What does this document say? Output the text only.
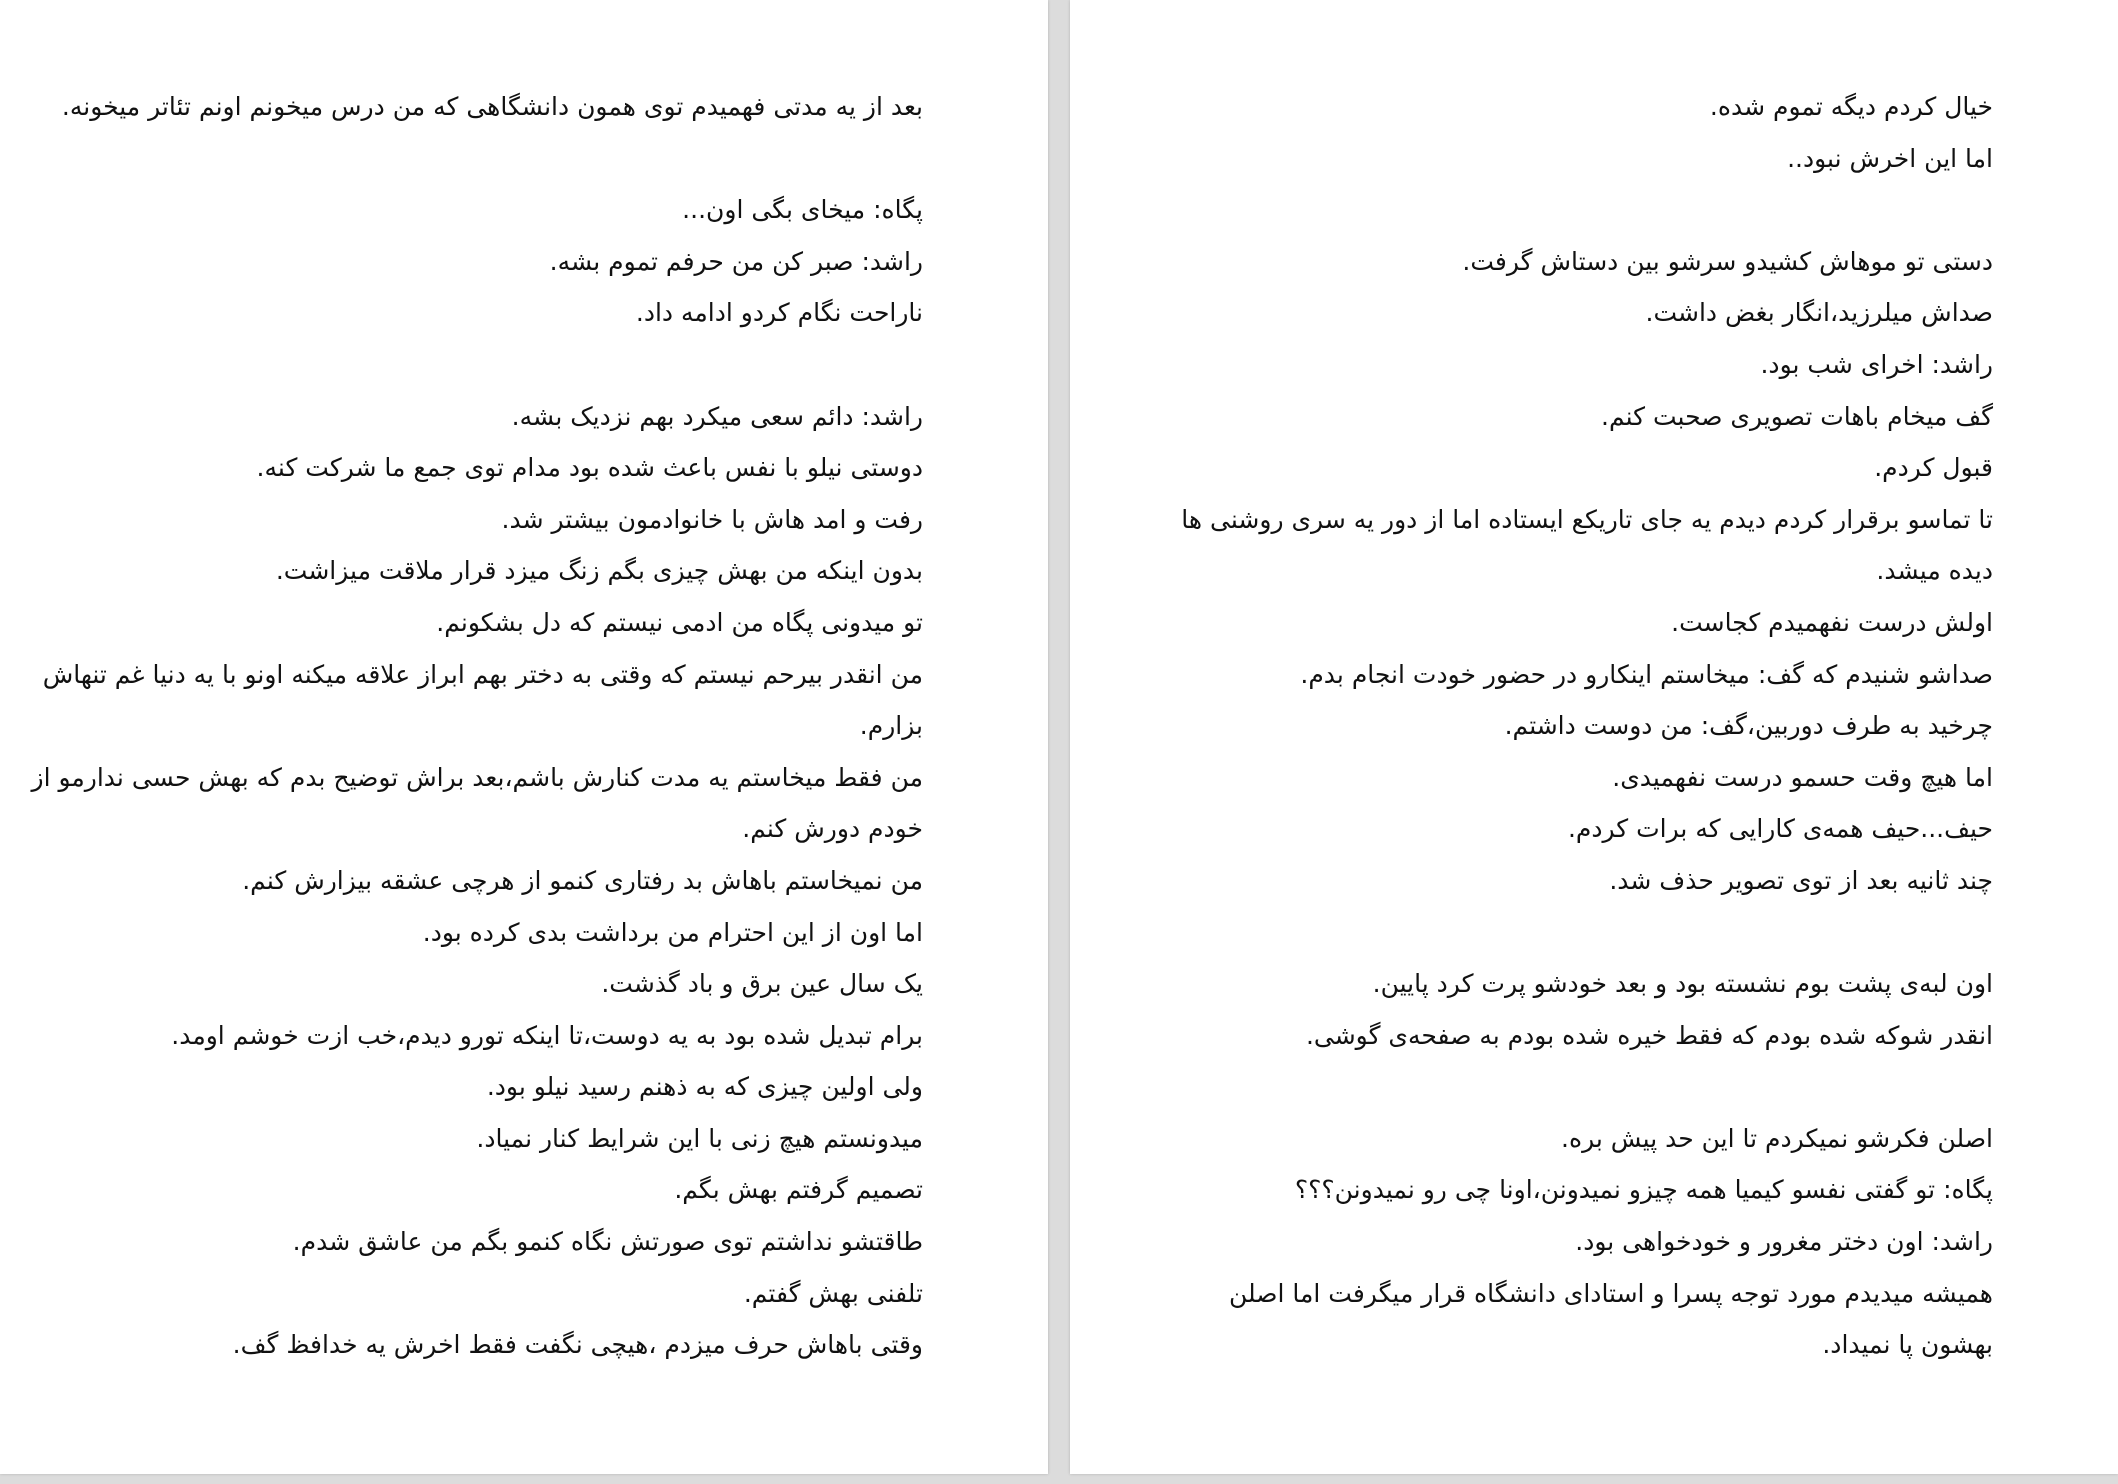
بعد از یه مدتی فهمیدم توی همون دانشگاهی که من درس میخونم اونم تئاتر میخونه.

پگاه: میخای بگی اون...

راشد: صبر کن من حرفم تموم بشه.

ناراحت نگام کردو ادامه داد.

راشد: دائم سعی میکرد بهم نزدیک بشه.

دوستی نیلو با نفس باعث شده بود مدام توی جمع ما شرکت کنه.

رفت و امد هاش با خانوادمون بیشتر شد.

بدون اینکه من بهش چیزی بگم زنگ میزد قرار ملاقت میزاشت.

تو میدونی پگاه من ادمی نیستم که دل بشکونم.

من انقدر بیرحم نیستم که وقتی به دختر بهم ابراز علاقه میکنه اونو با یه دنیا غم تنهاش بزارم.

من فقط میخاستم یه مدت کنارش باشم،بعد براش توضیح بدم که بهش حسی ندارمو از خودم دورش کنم.

من نمیخاستم باهاش بد رفتاری کنمو از هرچی عشقه بیزارش کنم.

اما اون از این احترام من برداشت بدی کرده بود.

یک سال عین برق و باد گذشت.

برام تبدیل شده بود به یه دوست،تا اینکه تورو دیدم،خب ازت خوشم اومد.

ولی اولین چیزی که به ذهنم رسید نیلو بود.

میدونستم هیچ زنی با این شرایط کنار نمیاد.

تصمیم گرفتم بهش بگم.

طاقتشو نداشتم توی صورتش نگاه کنمو بگم من عاشق شدم.

تلفنی بهش گفتم.

وقتی باهاش حرف میزدم ،هیچی نگفت فقط اخرش یه خدافظ گف.

خیال کردم دیگه تموم شده.

اما این اخرش نبود..

دستی تو موهاش کشیدو سرشو بین دستاش گرفت.

صداش میلرزید،انگار بغض داشت.

راشد: اخرای شب بود.

گف میخام باهات تصویری صحبت کنم.

قبول کردم.

تا تماسو برقرار کردم دیدم یه جای تاریکع ایستاده اما از دور یه سری روشنی ها دیده میشد.

اولش درست نفهمیدم کجاست.

صداشو شنیدم که گف: میخاستم اینکارو در حضور خودت انجام بدم.

چرخید به طرف دوربین،گف: من دوست داشتم.

اما هیچ وقت حسمو درست نفهمیدی.

حیف...حیف همه‌ی کارایی که برات کردم.

چند ثانیه بعد از توی تصویر حذف شد.

اون لبه‌ی پشت بوم نشسته بود و بعد خودشو پرت کرد پایین.

انقدر شوکه شده بودم که فقط خیره شده بودم به صفحه‌ی گوشی.

اصلن فکرشو نمیکردم تا این حد پیش بره.

پگاه: تو گفتی نفسو کیمیا همه چیزو نمیدونن،اونا چی رو نمیدونن؟؟؟

راشد: اون دختر مغرور و خودخواهی بود.

همیشه میدیدم مورد توجه پسرا و استادای دانشگاه قرار میگرفت اما اصلن بهشون پا نمیداد.
